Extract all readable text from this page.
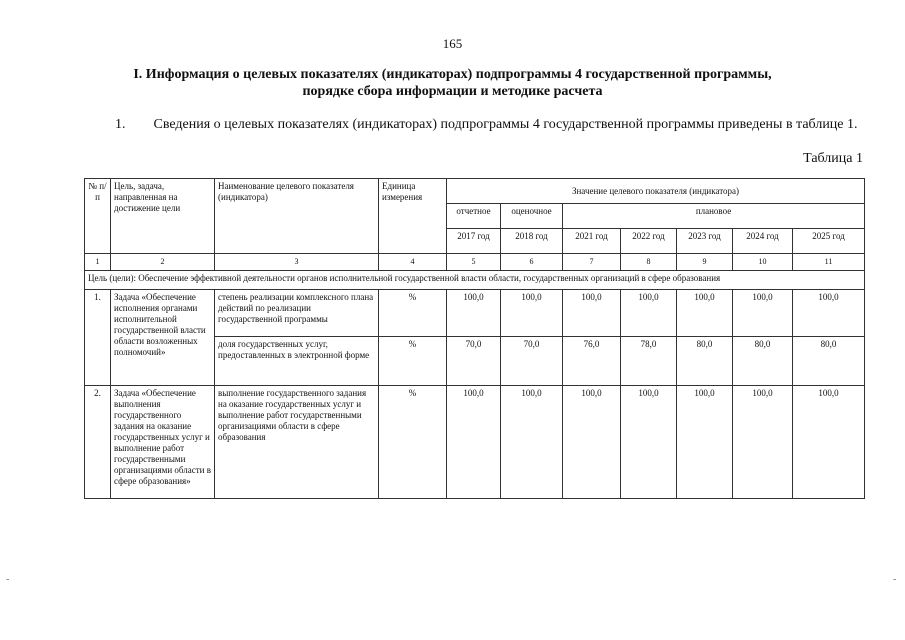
165
I. Информация о целевых показателях (индикаторах) подпрограммы 4 государственной программы,
порядке сбора информации и методике расчета
1. Сведения о целевых показателях (индикаторах) подпрограммы 4 государственной программы приведены в таблице 1.
Таблица 1
№ п/п	Цель, задача, направленная на достижение цели	Наименование целевого показателя (индикатора)	Единица измерения	Значение целевого показателя (индикатора)						
				отчетное	оценочное	плановое				
				2017 год	2018 год	2021 год	2022 год	2023 год	2024 год	2025 год
1	2	3	4	5	6	7	8	9	10	11
Цель (цели): Обеспечение эффективной деятельности органов исполнительной государственной власти области, государственных организаций в сфере образования										
1.	Задача «Обеспечение исполнения органами исполнительной государственной власти области возложенных полномочий»	степень реализации комплексного плана действий по реализации государственной программы	%	100,0	100,0	100,0	100,0	100,0	100,0	100,0
		доля государственных услуг, предоставленных в электронной форме	%	70,0	70,0	76,0	78,0	80,0	80,0	80,0
2.	Задача «Обеспечение выполнения государственного задания на оказание государственных услуг и выполнение работ государственными организациями области в сфере образования»	выполнение государственного задания на оказание государственных услуг и выполнение работ государственными организациями области в сфере образования	%	100,0	100,0	100,0	100,0	100,0	100,0	100,0
-	-
